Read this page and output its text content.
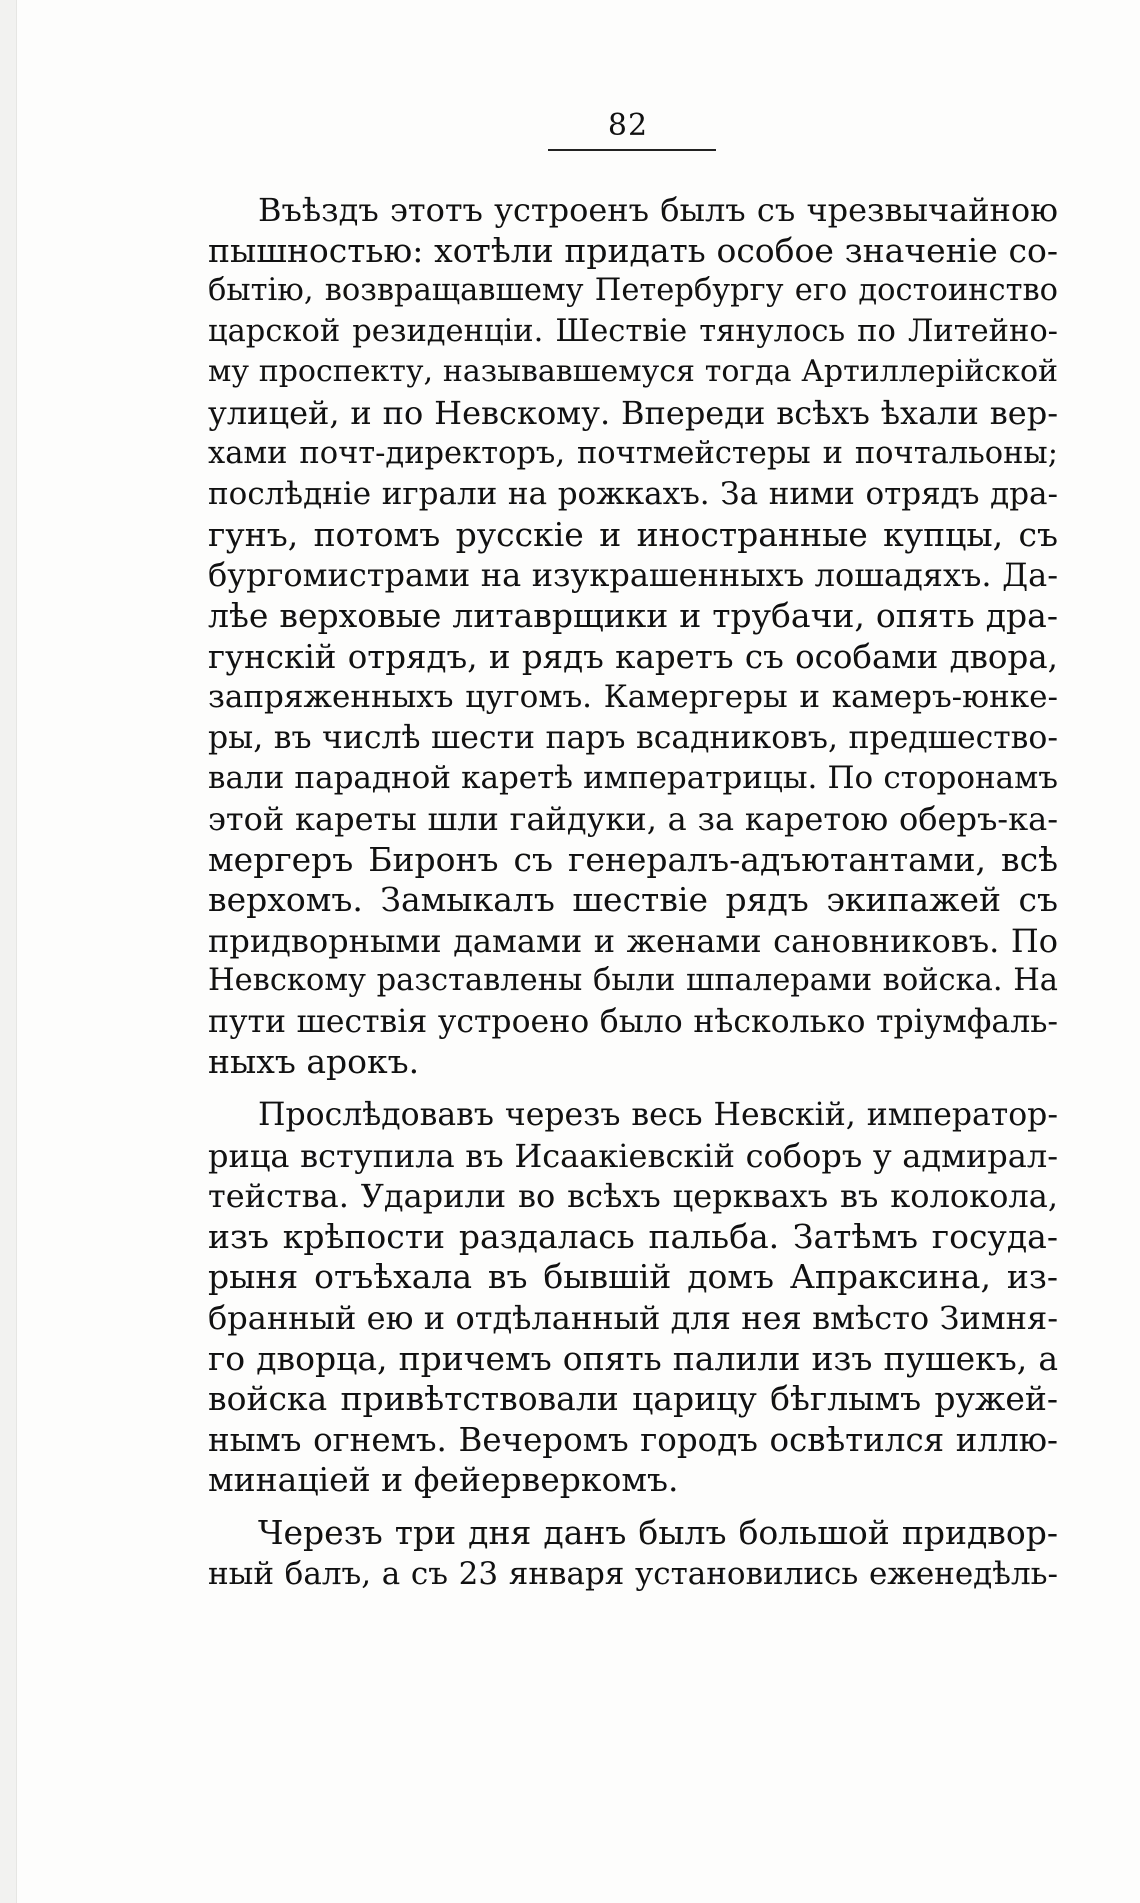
82
Въѣздъ этотъ устроенъ былъ съ чрезвычайною
пышностью: хотѣли придать особое значеніе со-
бытію, возвращавшему Петербургу его достоинство
царской резиденціи. Шествіе тянулось по Литейно-
му проспекту, называвшемуся тогда Артиллерійской
улицей, и по Невскому. Впереди всѣхъ ѣхали вер-
хами почт-директоръ, почтмейстеры и почтальоны;
послѣдніе играли на рожкахъ. За ними отрядъ дра-
гунъ, потомъ русскіе и иностранные купцы, съ
бургомистрами на изукрашенныхъ лошадяхъ. Да-
лѣе верховые литаврщики и трубачи, опять дра-
гунскій отрядъ, и рядъ каретъ съ особами двора,
запряженныхъ цугомъ. Камергеры и камеръ-юнке-
ры, въ числѣ шести паръ всадниковъ, предшество-
вали парадной каретѣ императрицы. По сторонамъ
этой кареты шли гайдуки, а за каретою оберъ-ка-
мергеръ Биронъ съ генералъ-адъютантами, всѣ
верхомъ. Замыкалъ шествіе рядъ экипажей съ
придворными дамами и женами сановниковъ. По
Невскому разставлены были шпалерами войска. На
пути шествія устроено было нѣсколько тріумфаль-
ныхъ арокъ.
Прослѣдовавъ черезъ весь Невскій, император-
рица вступила въ Исаакіевскій соборъ у адмирал-
тейства. Ударили во всѣхъ церквахъ въ колокола,
изъ крѣпости раздалась пальба. Затѣмъ госуда-
рыня отъѣхала въ бывшій домъ Апраксина, из-
бранный ею и отдѣланный для нея вмѣсто Зимня-
го дворца, причемъ опять палили изъ пушекъ, а
войска привѣтствовали царицу бѣглымъ ружей-
нымъ огнемъ. Вечеромъ городъ освѣтился иллю-
минаціей и фейерверкомъ.
Черезъ три дня данъ былъ большой придвор-
ный балъ, а съ 23 января установились еженедѣль-
